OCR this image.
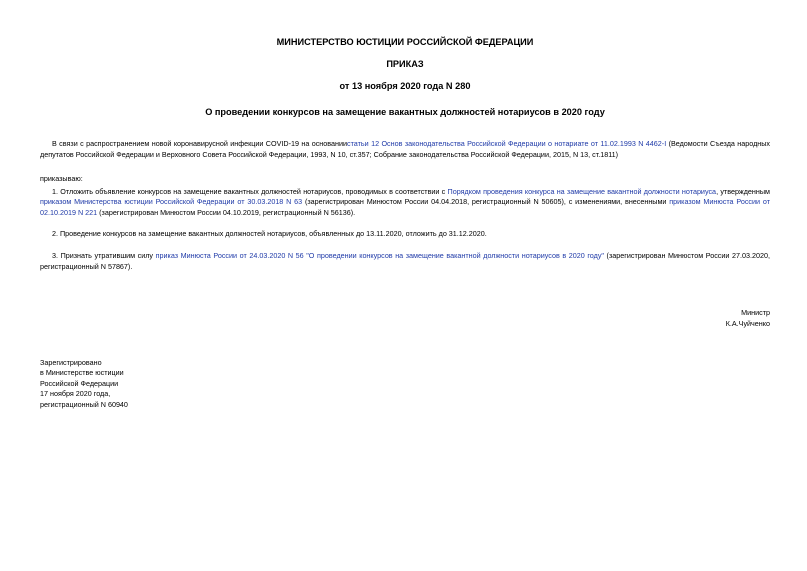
МИНИСТЕРСТВО ЮСТИЦИИ РОССИЙСКОЙ ФЕДЕРАЦИИ
ПРИКАЗ
от 13 ноября 2020 года N 280
О проведении конкурсов на замещение вакантных должностей нотариусов в 2020 году

В связи с распространением новой коронавирусной инфекции COVID-19 на основаниистатьи 12 Основ законодательства Российской Федерации о нотариате от 11.02.1993 N 4462-I (Ведомости Съезда народных депутатов Российской Федерации и Верховного Совета Российской Федерации, 1993, N 10, ст.357; Собрание законодательства Российской Федерации, 2015, N 13, ст.1811)

приказываю:

1. Отложить объявление конкурсов на замещение вакантных должностей нотариусов, проводимых в соответствии с Порядком проведения конкурса на замещение вакантной должности нотариуса, утвержденным приказом Министерства юстиции Российской Федерации от 30.03.2018 N 63 (зарегистрирован Минюстом России 04.04.2018, регистрационный N 50605), с изменениями, внесенными приказом Минюста России от 02.10.2019 N 221 (зарегистрирован Минюстом России 04.10.2019, регистрационный N 56136).

2. Проведение конкурсов на замещение вакантных должностей нотариусов, объявленных до 13.11.2020, отложить до 31.12.2020.

3. Признать утратившим силу приказ Минюста России от 24.03.2020 N 56 "О проведении конкурсов на замещение вакантной должности нотариусов в 2020 году" (зарегистрирован Минюстом России 27.03.2020, регистрационный N 57867).

Министр
К.А.Чуйченко
Зарегистрировано
в Министерстве юстиции
Российской Федерации
17 ноября 2020 года,
регистрационный N 60940
